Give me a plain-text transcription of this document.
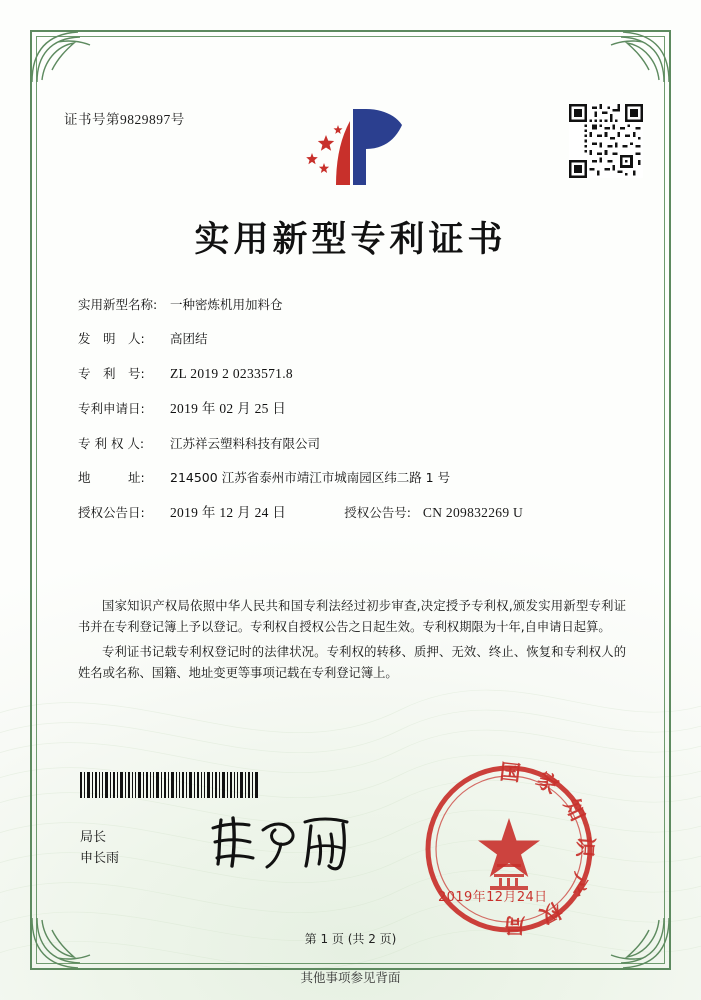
证书号第9829897号
实用新型专利证书
实用新型名称:	一种密炼机用加料仓
发　明　人:	高团结
专　利　号:	ZL 2019 2 0233571.8
专利申请日:	2019 年 02 月 25 日
专 利 权 人:	江苏祥云塑料科技有限公司
地　　　址:	214500 江苏省泰州市靖江市城南园区纬二路 1 号
授权公告日:	2019 年 12 月 24 日	授权公告号: CN 209832269 U

国家知识产权局依照中华人民共和国专利法经过初步审查,决定授予专利权,颁发实用新型专利证书并在专利登记簿上予以登记。专利权自授权公告之日起生效。专利权期限为十年,自申请日起算。

专利证书记载专利权登记时的法律状况。专利权的转移、质押、无效、终止、恢复和专利权人的姓名或名称、国籍、地址变更等事项记载在专利登记簿上。

局长
申长雨
国家知识产权局
2019年12月24日
第 1 页 (共 2 页)
其他事项参见背面
